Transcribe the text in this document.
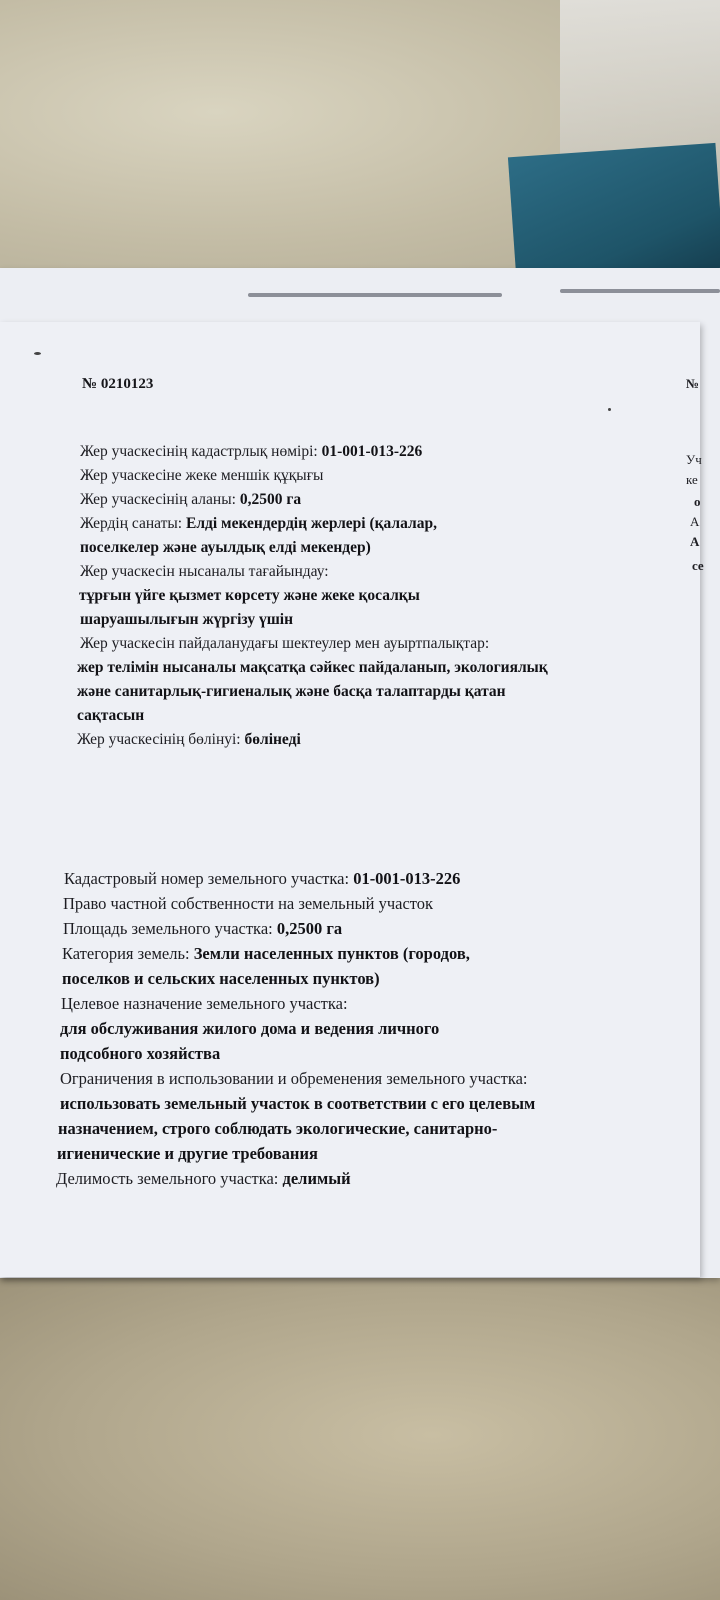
№ 0210123
Жер учаскесінің кадастрлық нөмірі: 01-001-013-226
Жер учаскесіне жеке меншік құқығы
Жер учаскесінің аланы: 0,2500 га
Жердің санаты: Елді мекендердің жерлері (қалалар,
поселкелер және ауылдық елді мекендер)
Жер учаскесін нысаналы тағайындау:
тұрғын үйге қызмет көрсету және жеке қосалқы
шаруашылығын жүргізу үшін
Жер учаскесін пайдаланудағы шектеулер мен ауыртпалықтар:
жер телімін нысаналы мақсатқа сәйкес пайдаланып, экологиялық
және санитарлық-гигиеналық және басқа талаптарды қатан
сақтасын
Жер учаскесінің бөлінуі: бөлінеді
Кадастровый номер земельного участка: 01-001-013-226
Право частной собственности на земельный участок
Площадь земельного участка: 0,2500 га
Категория земель: Земли населенных пунктов (городов,
поселков и сельских населенных пунктов)
Целевое назначение земельного участка:
для обслуживания жилого дома и ведения личного
подсобного хозяйства
Ограничения в использовании и обременения земельного участка:
использовать земельный участок в соответствии с его целевым
назначением, строго соблюдать экологические, санитарно-
игиенические и другие требования
Делимость земельного участка: делимый
№
Уч
ке
о
А
А
се
